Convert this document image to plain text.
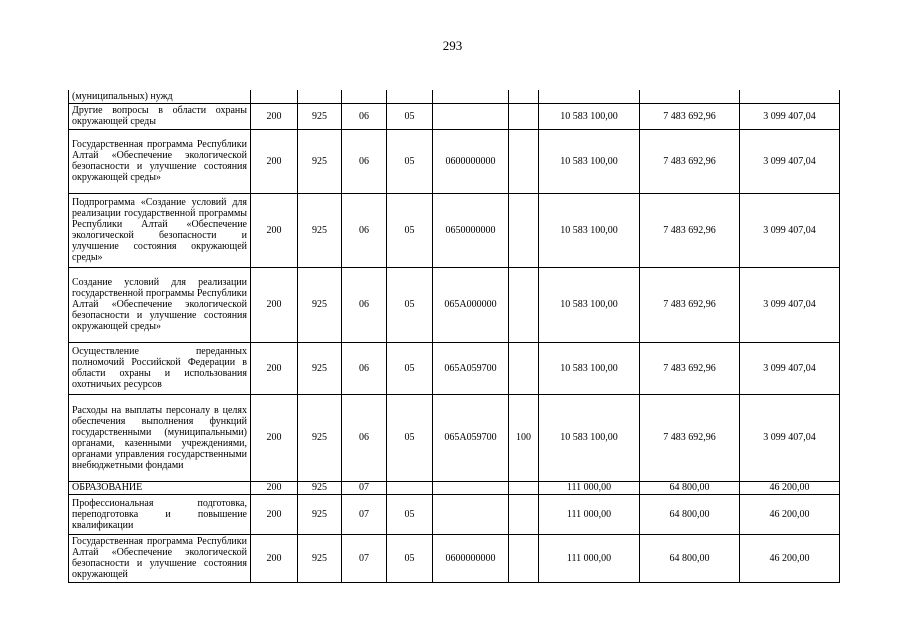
293
(муниципальных) нужд									
Другие вопросы в области охраны окружающей среды	200	925	06	05			10 583 100,00	7 483 692,96	3 099 407,04
Государственная программа Республики Алтай «Обеспечение экологической безопасности и улучшение состояния окружающей среды»	200	925	06	05	0600000000		10 583 100,00	7 483 692,96	3 099 407,04
Подпрограмма «Создание условий для реализации государственной программы Республики Алтай «Обеспечение экологической безопасности и улучшение состояния окружающей среды»	200	925	06	05	0650000000		10 583 100,00	7 483 692,96	3 099 407,04
Создание условий для реализации государственной программы Республики Алтай «Обеспечение экологической безопасности и улучшение состояния окружающей среды»	200	925	06	05	065А000000		10 583 100,00	7 483 692,96	3 099 407,04
Осуществление переданных полномочий Российской Федерации в области охраны и использования охотничьих ресурсов	200	925	06	05	065А059700		10 583 100,00	7 483 692,96	3 099 407,04
Расходы на выплаты персоналу в целях обеспечения выполнения функций государственными (муниципальными) органами, казенными учреждениями, органами управления государственными внебюджетными фондами	200	925	06	05	065А059700	100	10 583 100,00	7 483 692,96	3 099 407,04
ОБРАЗОВАНИЕ	200	925	07				111 000,00	64 800,00	46 200,00
Профессиональная подготовка, переподготовка и повышение квалификации	200	925	07	05			111 000,00	64 800,00	46 200,00
Государственная программа Республики Алтай «Обеспечение экологической безопасности и улучшение состояния окружающей	200	925	07	05	0600000000		111 000,00	64 800,00	46 200,00
